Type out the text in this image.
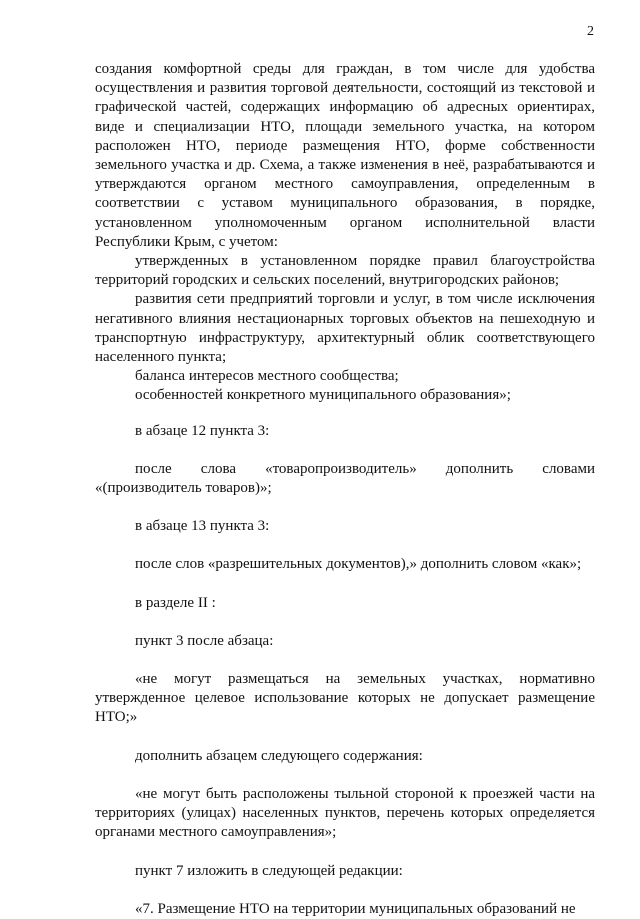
2

создания комфортной среды для граждан, в том числе для удобства осуществления и развития торговой деятельности, состоящий из текстовой и графической частей, содержащих информацию об адресных ориентирах, виде и специализации НТО, площади земельного участка, на котором расположен НТО, периоде размещения НТО, форме собственности земельного участка и др. Схема, а также изменения в неё, разрабатываются и утверждаются органом местного самоуправления, определенным в соответствии с уставом муниципального образования, в порядке, установленном уполномоченным органом исполнительной власти Республики Крым, с учетом:

утвержденных в установленном порядке правил благоустройства территорий городских и сельских поселений, внутригородских районов;

развития сети предприятий торговли и услуг, в том числе исключения негативного влияния нестационарных торговых объектов на пешеходную и транспортную инфраструктуру, архитектурный облик соответствующего населенного пункта;

баланса интересов местного сообщества;

особенностей конкретного муниципального образования»;

в абзаце 12 пункта 3:

после слова «товаропроизводитель» дополнить словами «(производитель товаров)»;

в абзаце 13 пункта 3:

после слов «разрешительных документов),» дополнить словом «как»;

в разделе II :

пункт 3 после абзаца:

«не могут размещаться на земельных участках, нормативно утвержденное целевое использование которых не допускает размещение НТО;»

дополнить абзацем следующего содержания:

«не могут быть расположены тыльной стороной к проезжей части на территориях (улицах) населенных пунктов, перечень которых определяется органами местного самоуправления»;

пункт 7 изложить в следующей редакции:

«7. Размещение НТО на территории муниципальных образований не
